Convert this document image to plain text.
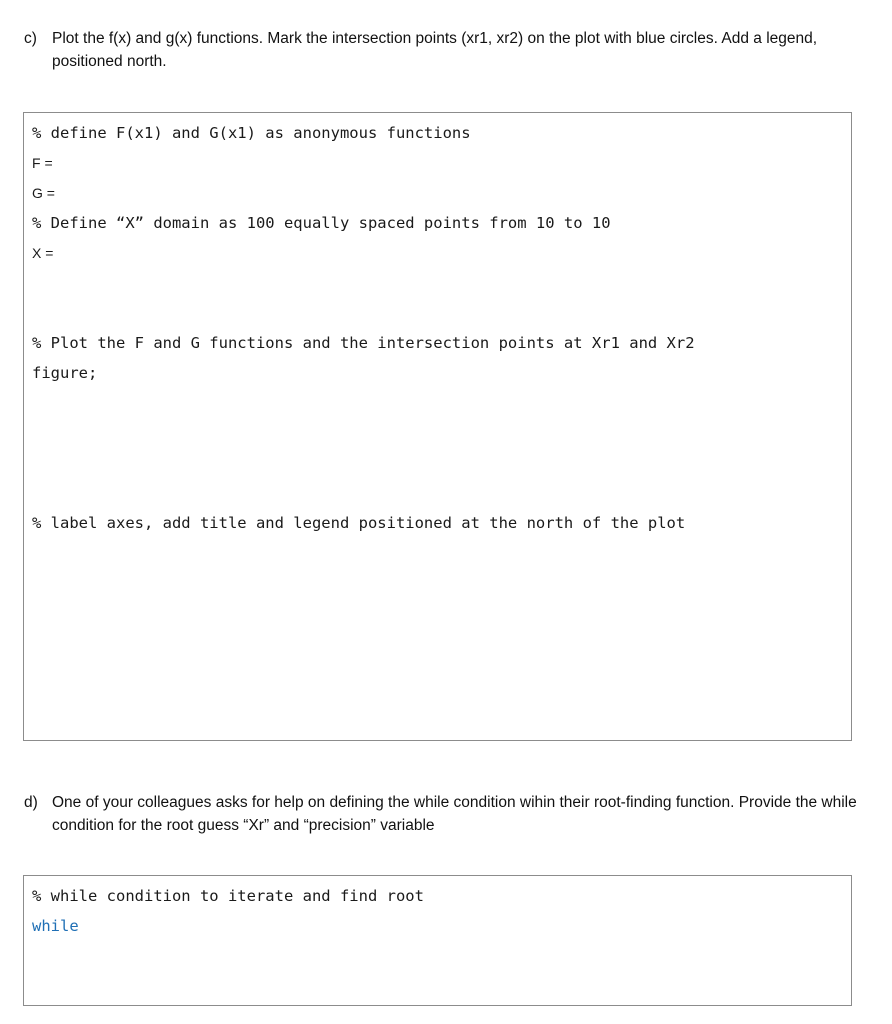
c) Plot the f(x) and g(x) functions. Mark the intersection points (xr1, xr2) on the plot with blue circles. Add a legend, positioned north.
% define F(x1) and G(x1) as anonymous functions
F =
G =
% Define “X” domain as 100 equally spaced points from 10 to 10
X =
% Plot the F and G functions and the intersection points at Xr1 and Xr2
figure;
% label axes, add title and legend positioned at the north of the plot
d) One of your colleagues asks for help on defining the while condition wihin their root-finding function. Provide the while condition for the root guess “Xr” and “precision” variable
% while condition to iterate and find root
while
